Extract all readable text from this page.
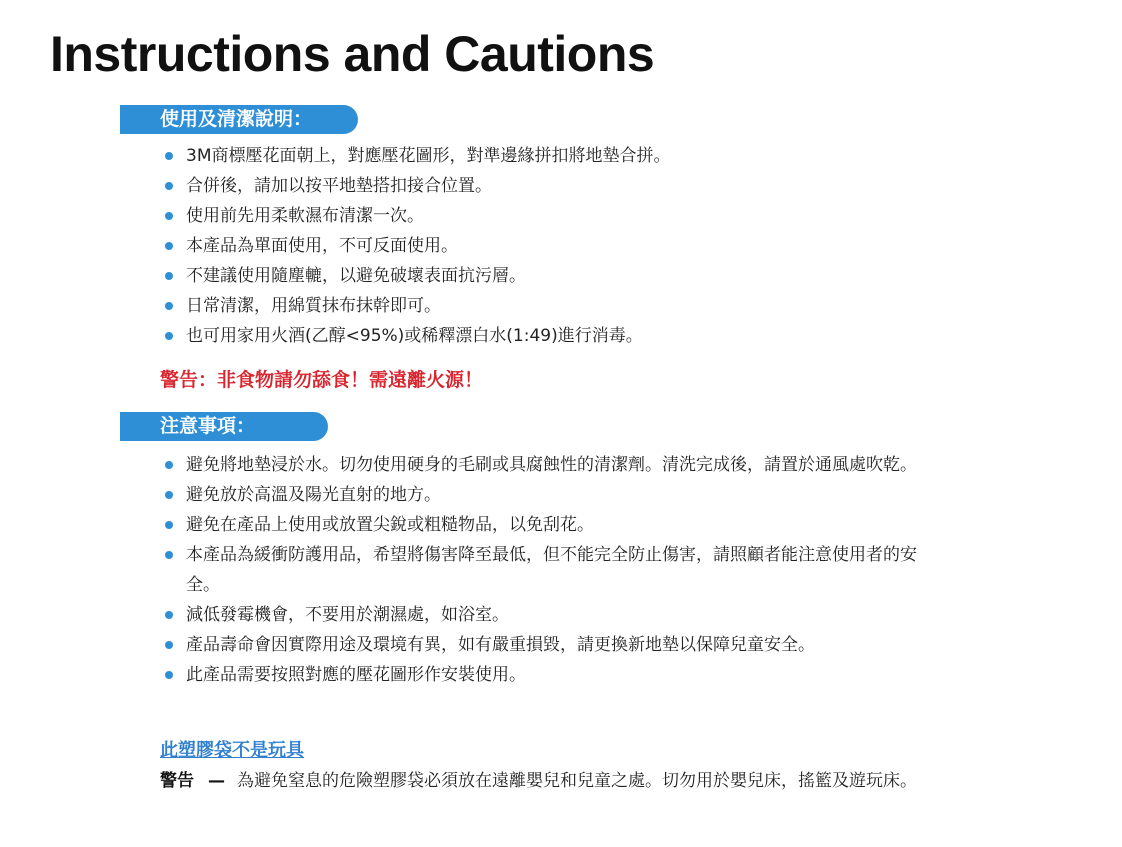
Instructions and Cautions
使用及清潔說明：
3M商標壓花面朝上，對應壓花圖形，對準邊緣拼扣將地墊合拼。
合併後，請加以按平地墊搭扣接合位置。
使用前先用柔軟濕布清潔一次。
本產品為單面使用，不可反面使用。
不建議使用隨塵轆，以避免破壞表面抗污層。
日常清潔，用綿質抹布抹幹即可。
也可用家用火酒(乙醇<95%)或稀釋漂白水(1:49)進行消毒。

警告：非食物請勿舔食！需遠離火源！

注意事項：
避免將地墊浸於水。切勿使用硬身的毛刷或具腐蝕性的清潔劑。清洗完成後，請置於通風處吹乾。
避免放於高溫及陽光直射的地方。
避免在產品上使用或放置尖銳或粗糙物品，以免刮花。
本產品為緩衝防護用品，希望將傷害降至最低，但不能完全防止傷害，請照顧者能注意使用者的安全。
減低發霉機會，不要用於潮濕處，如浴室。
產品壽命會因實際用途及環境有異，如有嚴重損毀，請更換新地墊以保障兒童安全。
此產品需要按照對應的壓花圖形作安裝使用。

此塑膠袋不是玩具

警告 — 為避免窒息的危險塑膠袋必須放在遠離嬰兒和兒童之處。切勿用於嬰兒床，搖籃及遊玩床。
